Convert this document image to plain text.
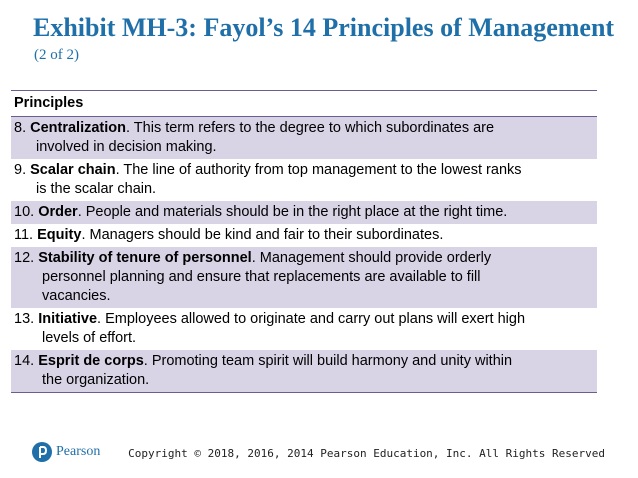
Exhibit MH-3: Fayol’s 14 Principles of Management
(2 of 2)
Principles
8. Centralization. This term refers to the degree to which subordinates are
involved in decision making.
9. Scalar chain. The line of authority from top management to the lowest ranks
is the scalar chain.
10. Order. People and materials should be in the right place at the right time.
11. Equity. Managers should be kind and fair to their subordinates.
12. Stability of tenure of personnel. Management should provide orderly
personnel planning and ensure that replacements are available to fill
vacancies.
13. Initiative. Employees allowed to originate and carry out plans will exert high
levels of effort.
14. Esprit de corps. Promoting team spirit will build harmony and unity within
the organization.
Pearson	Copyright © 2018, 2016, 2014 Pearson Education, Inc. All Rights Reserved
